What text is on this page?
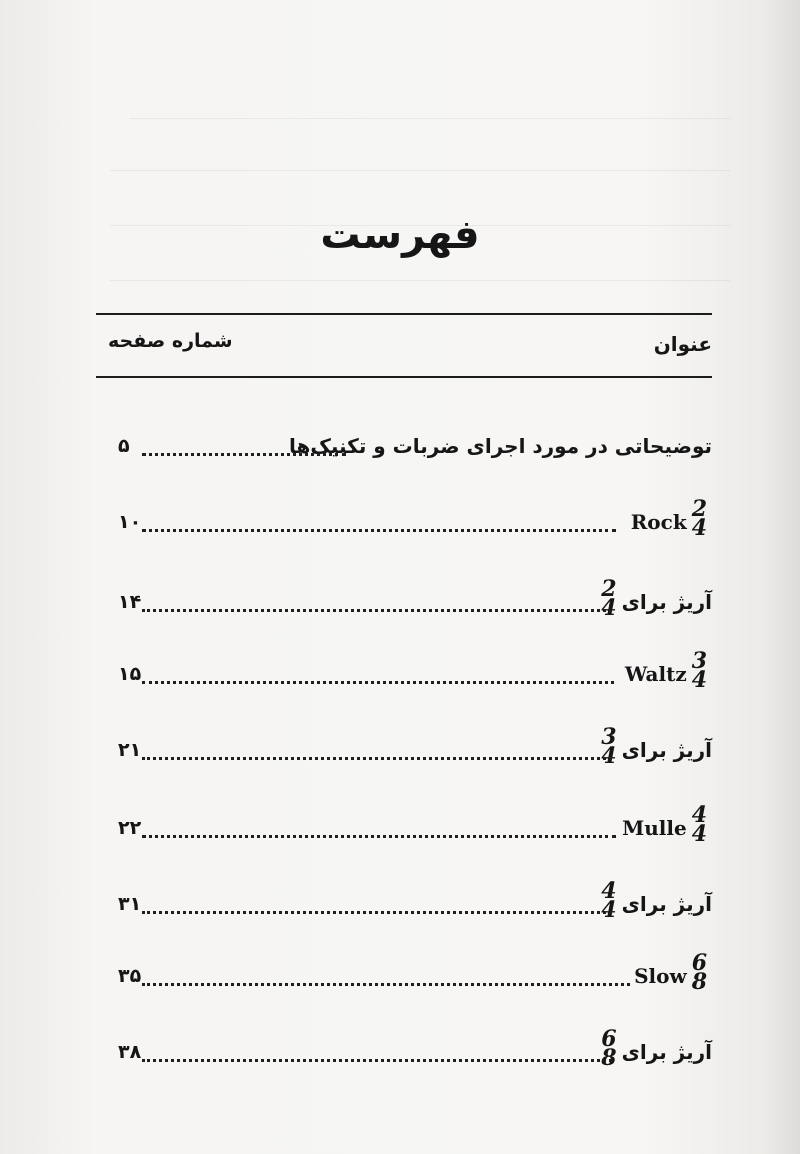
فهرست
عنوان
شماره صفحه
توضیحاتی در مورد اجرای ضربات و تکنیک‌ها
۵
2
4
Rock
۱۰
آریژ برای
2
4
۱۴
3
4
Waltz
۱۵
آریژ برای
3
4
۲۱
4
4
Mulle
۲۲
آریژ برای
4
4
۳۱
6
8
Slow
۳۵
آریژ برای
6
8
۳۸
